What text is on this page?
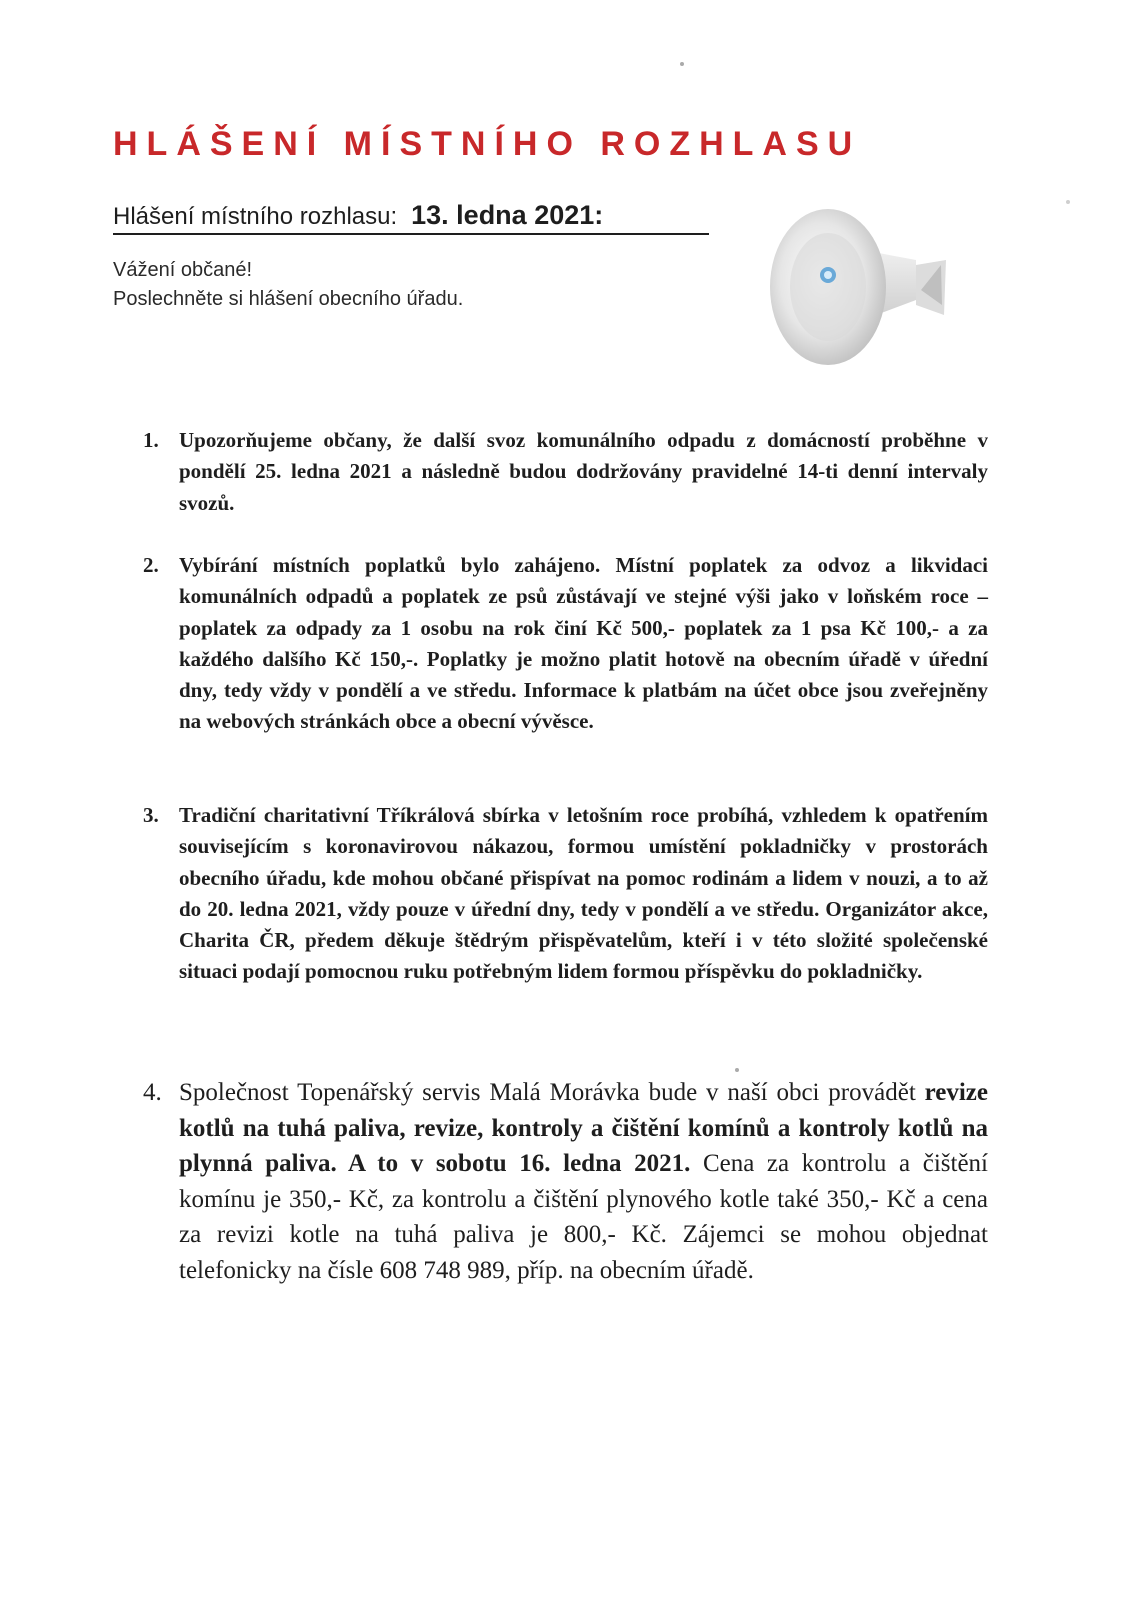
HLÁŠENÍ MÍSTNÍHO ROZHLASU
Hlášení místního rozhlasu: 13. ledna 2021:
Vážení občané!
Poslechněte si hlášení obecního úřadu.
1. Upozorňujeme občany, že další svoz komunálního odpadu z domácností proběhne v pondělí 25. ledna 2021 a následně budou dodržovány pravidelné 14-ti denní intervaly svozů.
2. Vybírání místních poplatků bylo zahájeno. Místní poplatek za odvoz a likvidaci komunálních odpadů a poplatek ze psů zůstávají ve stejné výši jako v loňském roce – poplatek za odpady za 1 osobu na rok činí Kč 500,- poplatek za 1 psa Kč 100,- a za každého dalšího Kč 150,-. Poplatky je možno platit hotově na obecním úřadě v úřední dny, tedy vždy v pondělí a ve středu. Informace k platbám na účet obce jsou zveřejněny na webových stránkách obce a obecní vývěsce.
3. Tradiční charitativní Tříkrálová sbírka v letošním roce probíhá, vzhledem k opatřením souvisejícím s koronavirovou nákazou, formou umístění pokladničky v prostorách obecního úřadu, kde mohou občané přispívat na pomoc rodinám a lidem v nouzi, a to až do 20. ledna 2021, vždy pouze v úřední dny, tedy v pondělí a ve středu. Organizátor akce, Charita ČR, předem děkuje štědrým přispěvatelům, kteří i v této složité společenské situaci podají pomocnou ruku potřebným lidem formou příspěvku do pokladničky.
4. Společnost Topenářský servis Malá Morávka bude v naší obci provádět revize kotlů na tuhá paliva, revize, kontroly a čištění komínů a kontroly kotlů na plynná paliva. A to v sobotu 16. ledna 2021. Cena za kontrolu a čištění komínu je 350,- Kč, za kontrolu a čištění plynového kotle také 350,- Kč a cena za revizi kotle na tuhá paliva je 800,- Kč. Zájemci se mohou objednat telefonicky na čísle 608 748 989, příp. na obecním úřadě.
